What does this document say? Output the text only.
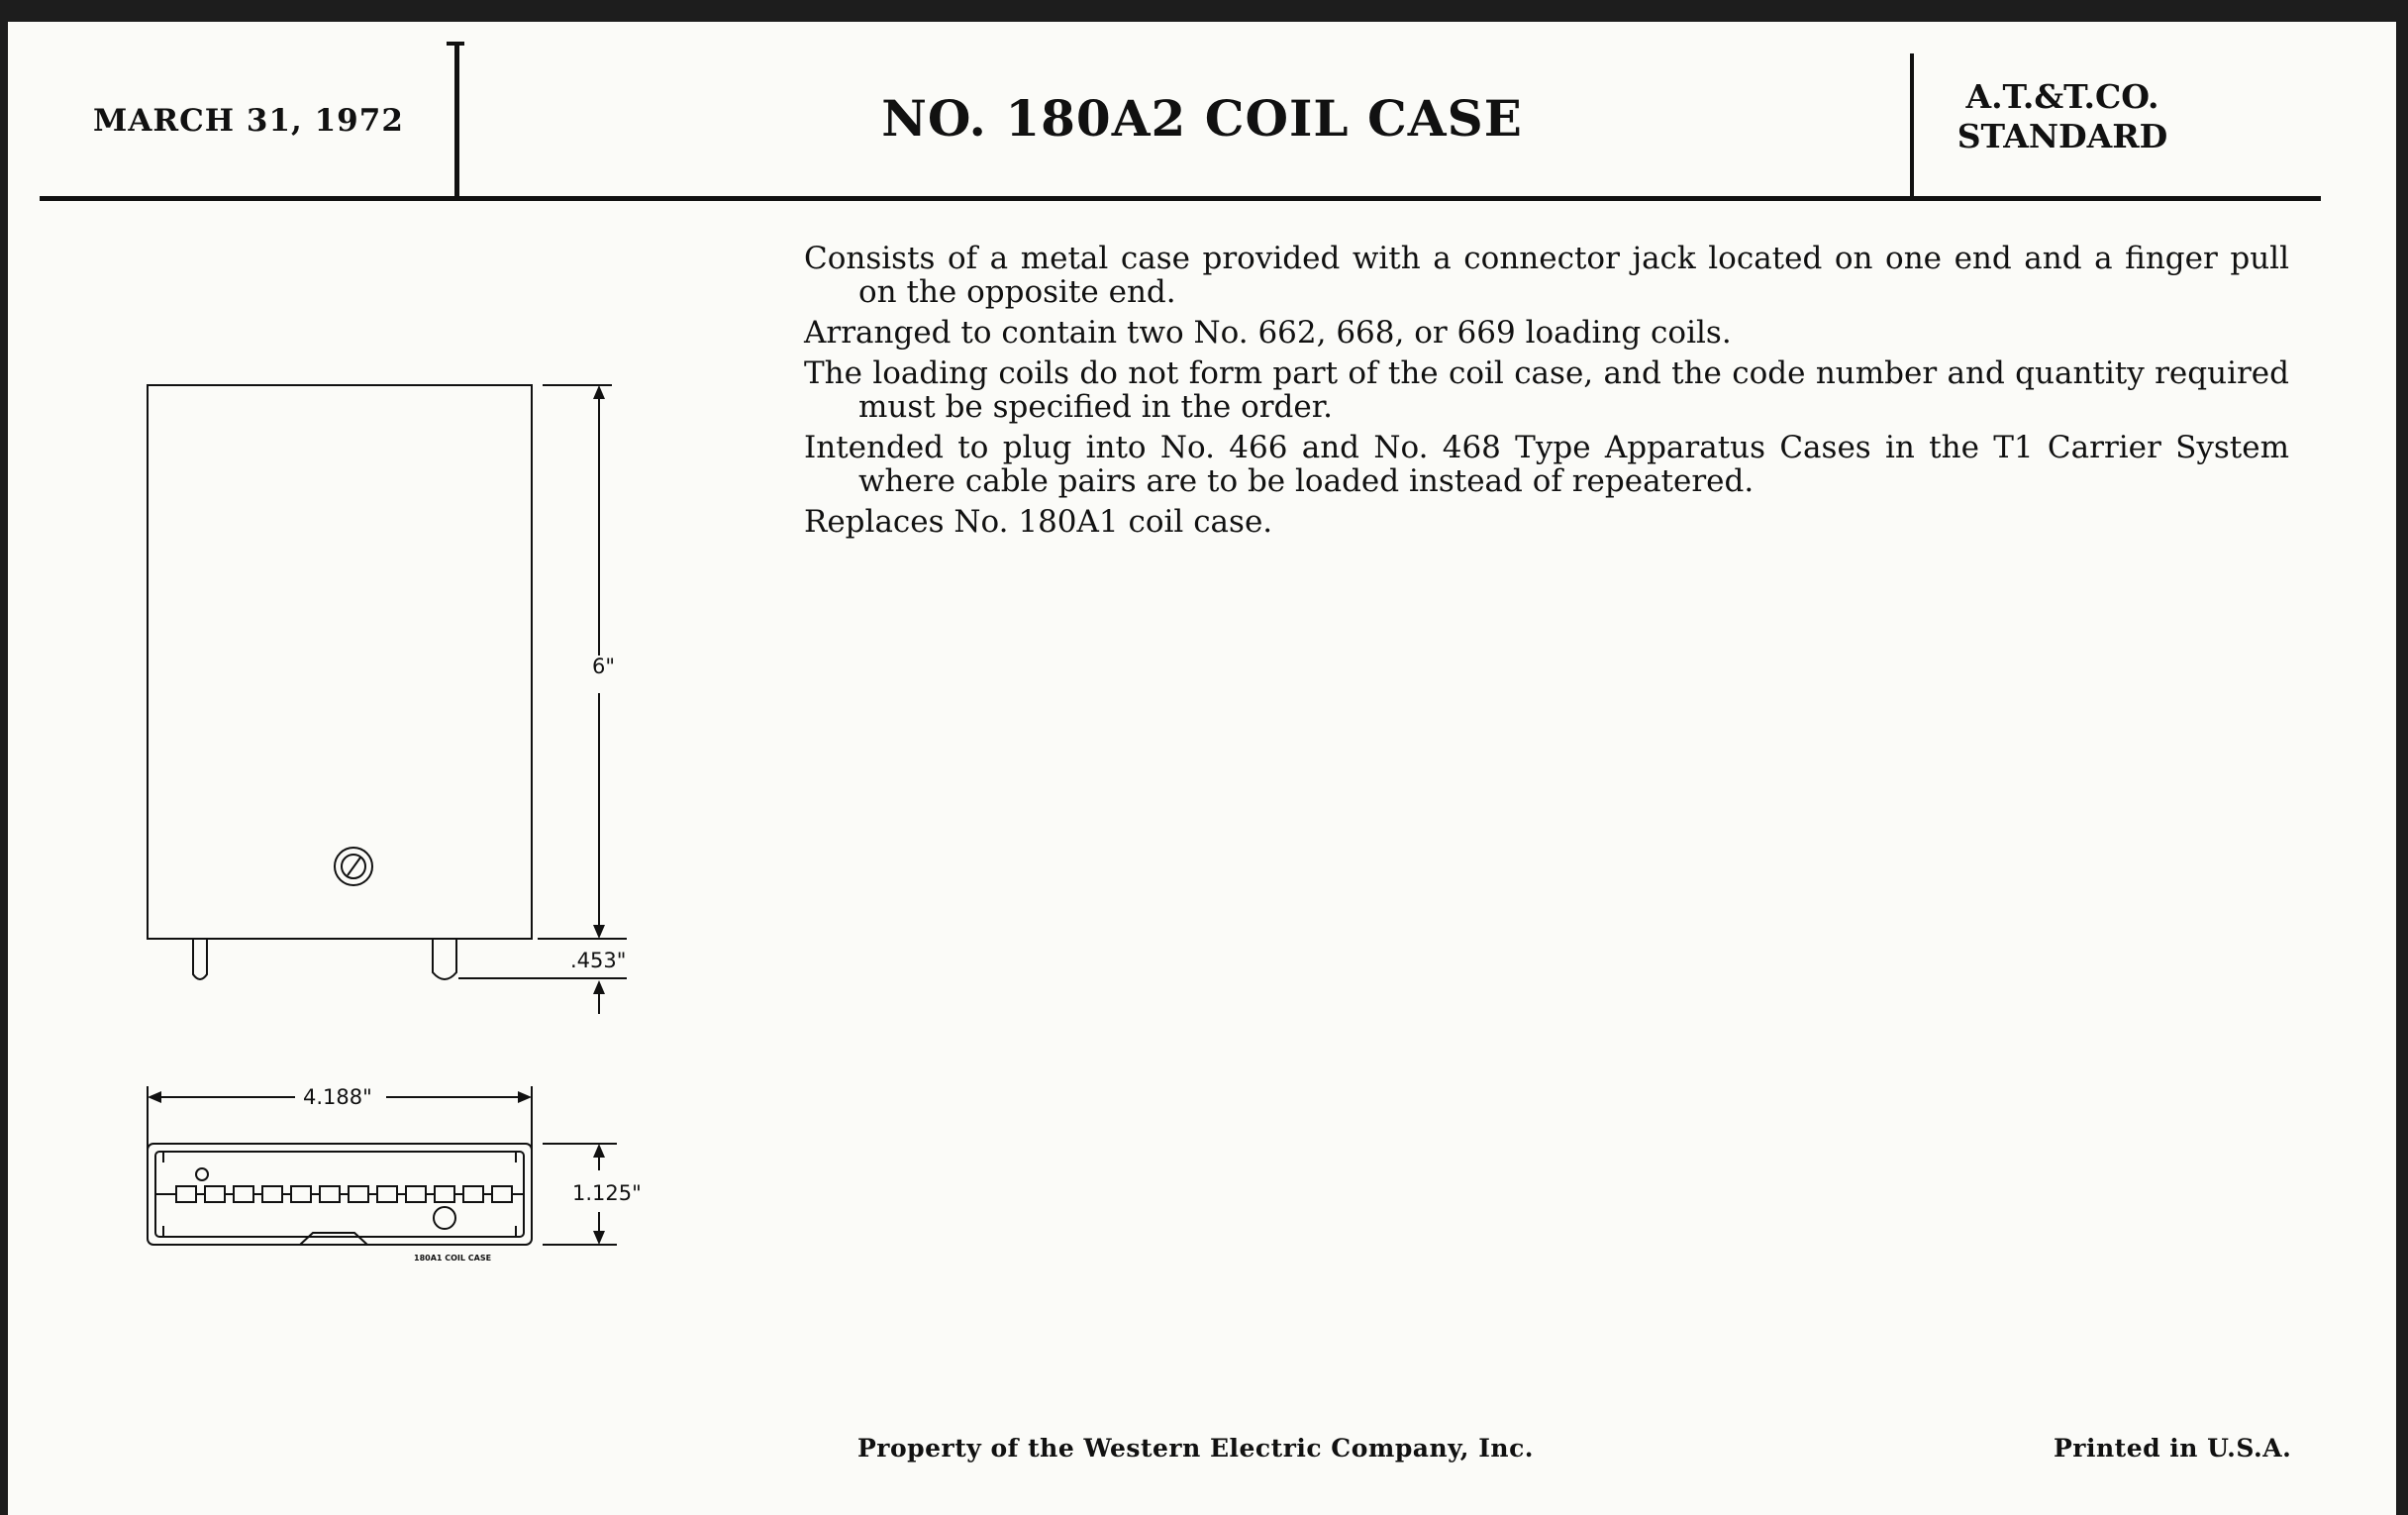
MARCH 31, 1972	NO. 180A2 COIL CASE	A.T.&T.CO.
STANDARD

Consists of a metal case provided with a connector jack located on one end and a finger pull on the opposite end.

Arranged to contain two No. 662, 668, or 669 loading coils.

The loading coils do not form part of the coil case, and the code number and quantity required must be specified in the order.

Intended to plug into No. 466 and No. 468 Type Apparatus Cases in the T1 Carrier System where cable pairs are to be loaded instead of repeatered.

Replaces No. 180A1 coil case.

6"
.453"
4.188"
1.125"
180A1 COIL CASE
Property of the Western Electric Company, Inc.	Printed in U.S.A.
